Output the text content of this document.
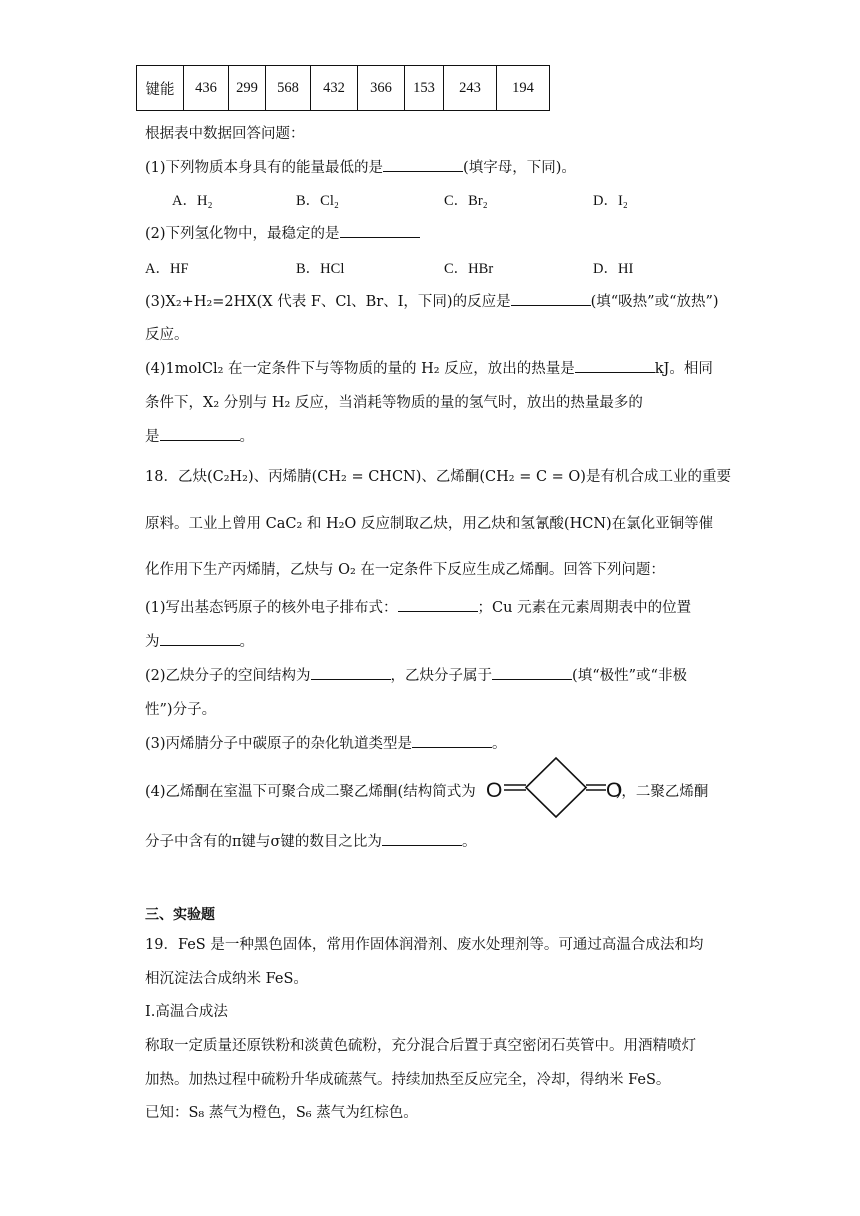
键能	436	299	568	432	366	153	243	194
根据表中数据回答问题：
(1)下列物质本身具有的能量最低的是	(填字母，下同)。
A．H₂	B．Cl₂	C．Br₂	D．I₂
(2)下列氢化物中，最稳定的是
A．HF	B．HCl	C．HBr	D．HI
(3)X₂+H₂=2HX(X 代表 F、Cl、Br、I，下同)的反应是	(填“吸热”或“放热”)
反应。
(4)1molCl₂ 在一定条件下与等物质的量的 H₂ 反应，放出的热量是	kJ。相同
条件下，X₂ 分别与 H₂ 反应，当消耗等物质的量的氢气时，放出的热量最多的
是	。
18．乙炔(C₂H₂)、丙烯腈(CH₂ = CHCN)、乙烯酮(CH₂ = C = O)是有机合成工业的重要
原料。工业上曾用 CaC₂ 和 H₂O 反应制取乙炔，用乙炔和氢氰酸(HCN)在氯化亚铜等催
化作用下生产丙烯腈，乙炔与 O₂ 在一定条件下反应生成乙烯酮。回答下列问题：
(1)写出基态钙原子的核外电子排布式：	；Cu 元素在元素周期表中的位置
为	。
(2)乙炔分子的空间结构为	，乙炔分子属于	(填“极性”或“非极
性”)分子。
(3)丙烯腈分子中碳原子的杂化轨道类型是	。
(4)乙烯酮在室温下可聚合成二聚乙烯酮(结构简式为	)，二聚乙烯酮
O	O
分子中含有的π键与σ键的数目之比为	。
三、实验题
19．FeS 是一种黑色固体，常用作固体润滑剂、废水处理剂等。可通过高温合成法和均
相沉淀法合成纳米 FeS。
I.高温合成法
称取一定质量还原铁粉和淡黄色硫粉，充分混合后置于真空密闭石英管中。用酒精喷灯
加热。加热过程中硫粉升华成硫蒸气。持续加热至反应完全，冷却，得纳米 FeS。
已知：S₈ 蒸气为橙色，S₆ 蒸气为红棕色。
